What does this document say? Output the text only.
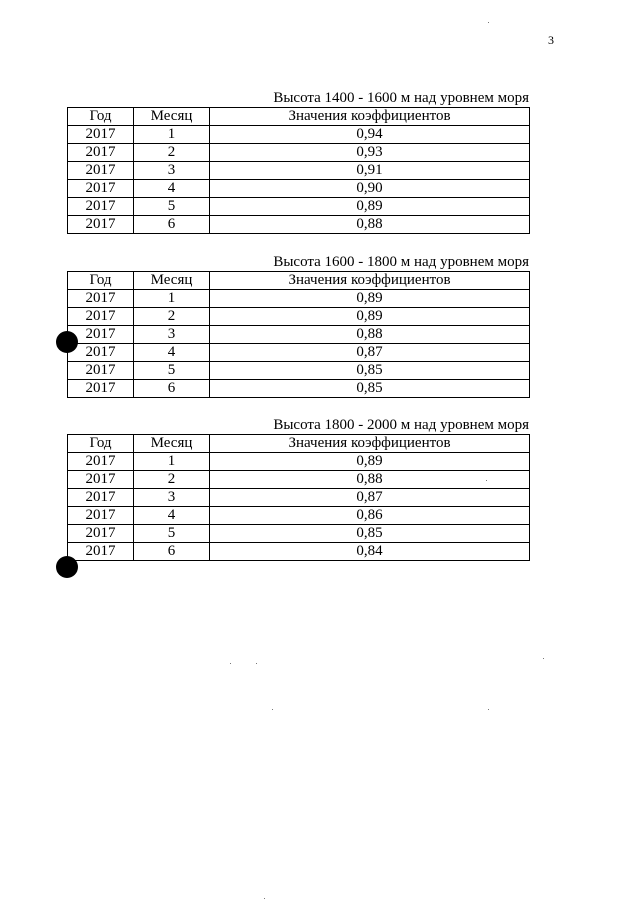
3
Высота 1400 - 1600 м над уровнем моря
Год	Месяц	Значения коэффициентов
2017	1	0,94
2017	2	0,93
2017	3	0,91
2017	4	0,90
2017	5	0,89
2017	6	0,88
Высота 1600 - 1800 м над уровнем моря
Год	Месяц	Значения коэффициентов
2017	1	0,89
2017	2	0,89
2017	3	0,88
2017	4	0,87
2017	5	0,85
2017	6	0,85
Высота 1800 - 2000 м над уровнем моря
Год	Месяц	Значения коэффициентов
2017	1	0,89
2017	2	0,88
2017	3	0,87
2017	4	0,86
2017	5	0,85
2017	6	0,84
